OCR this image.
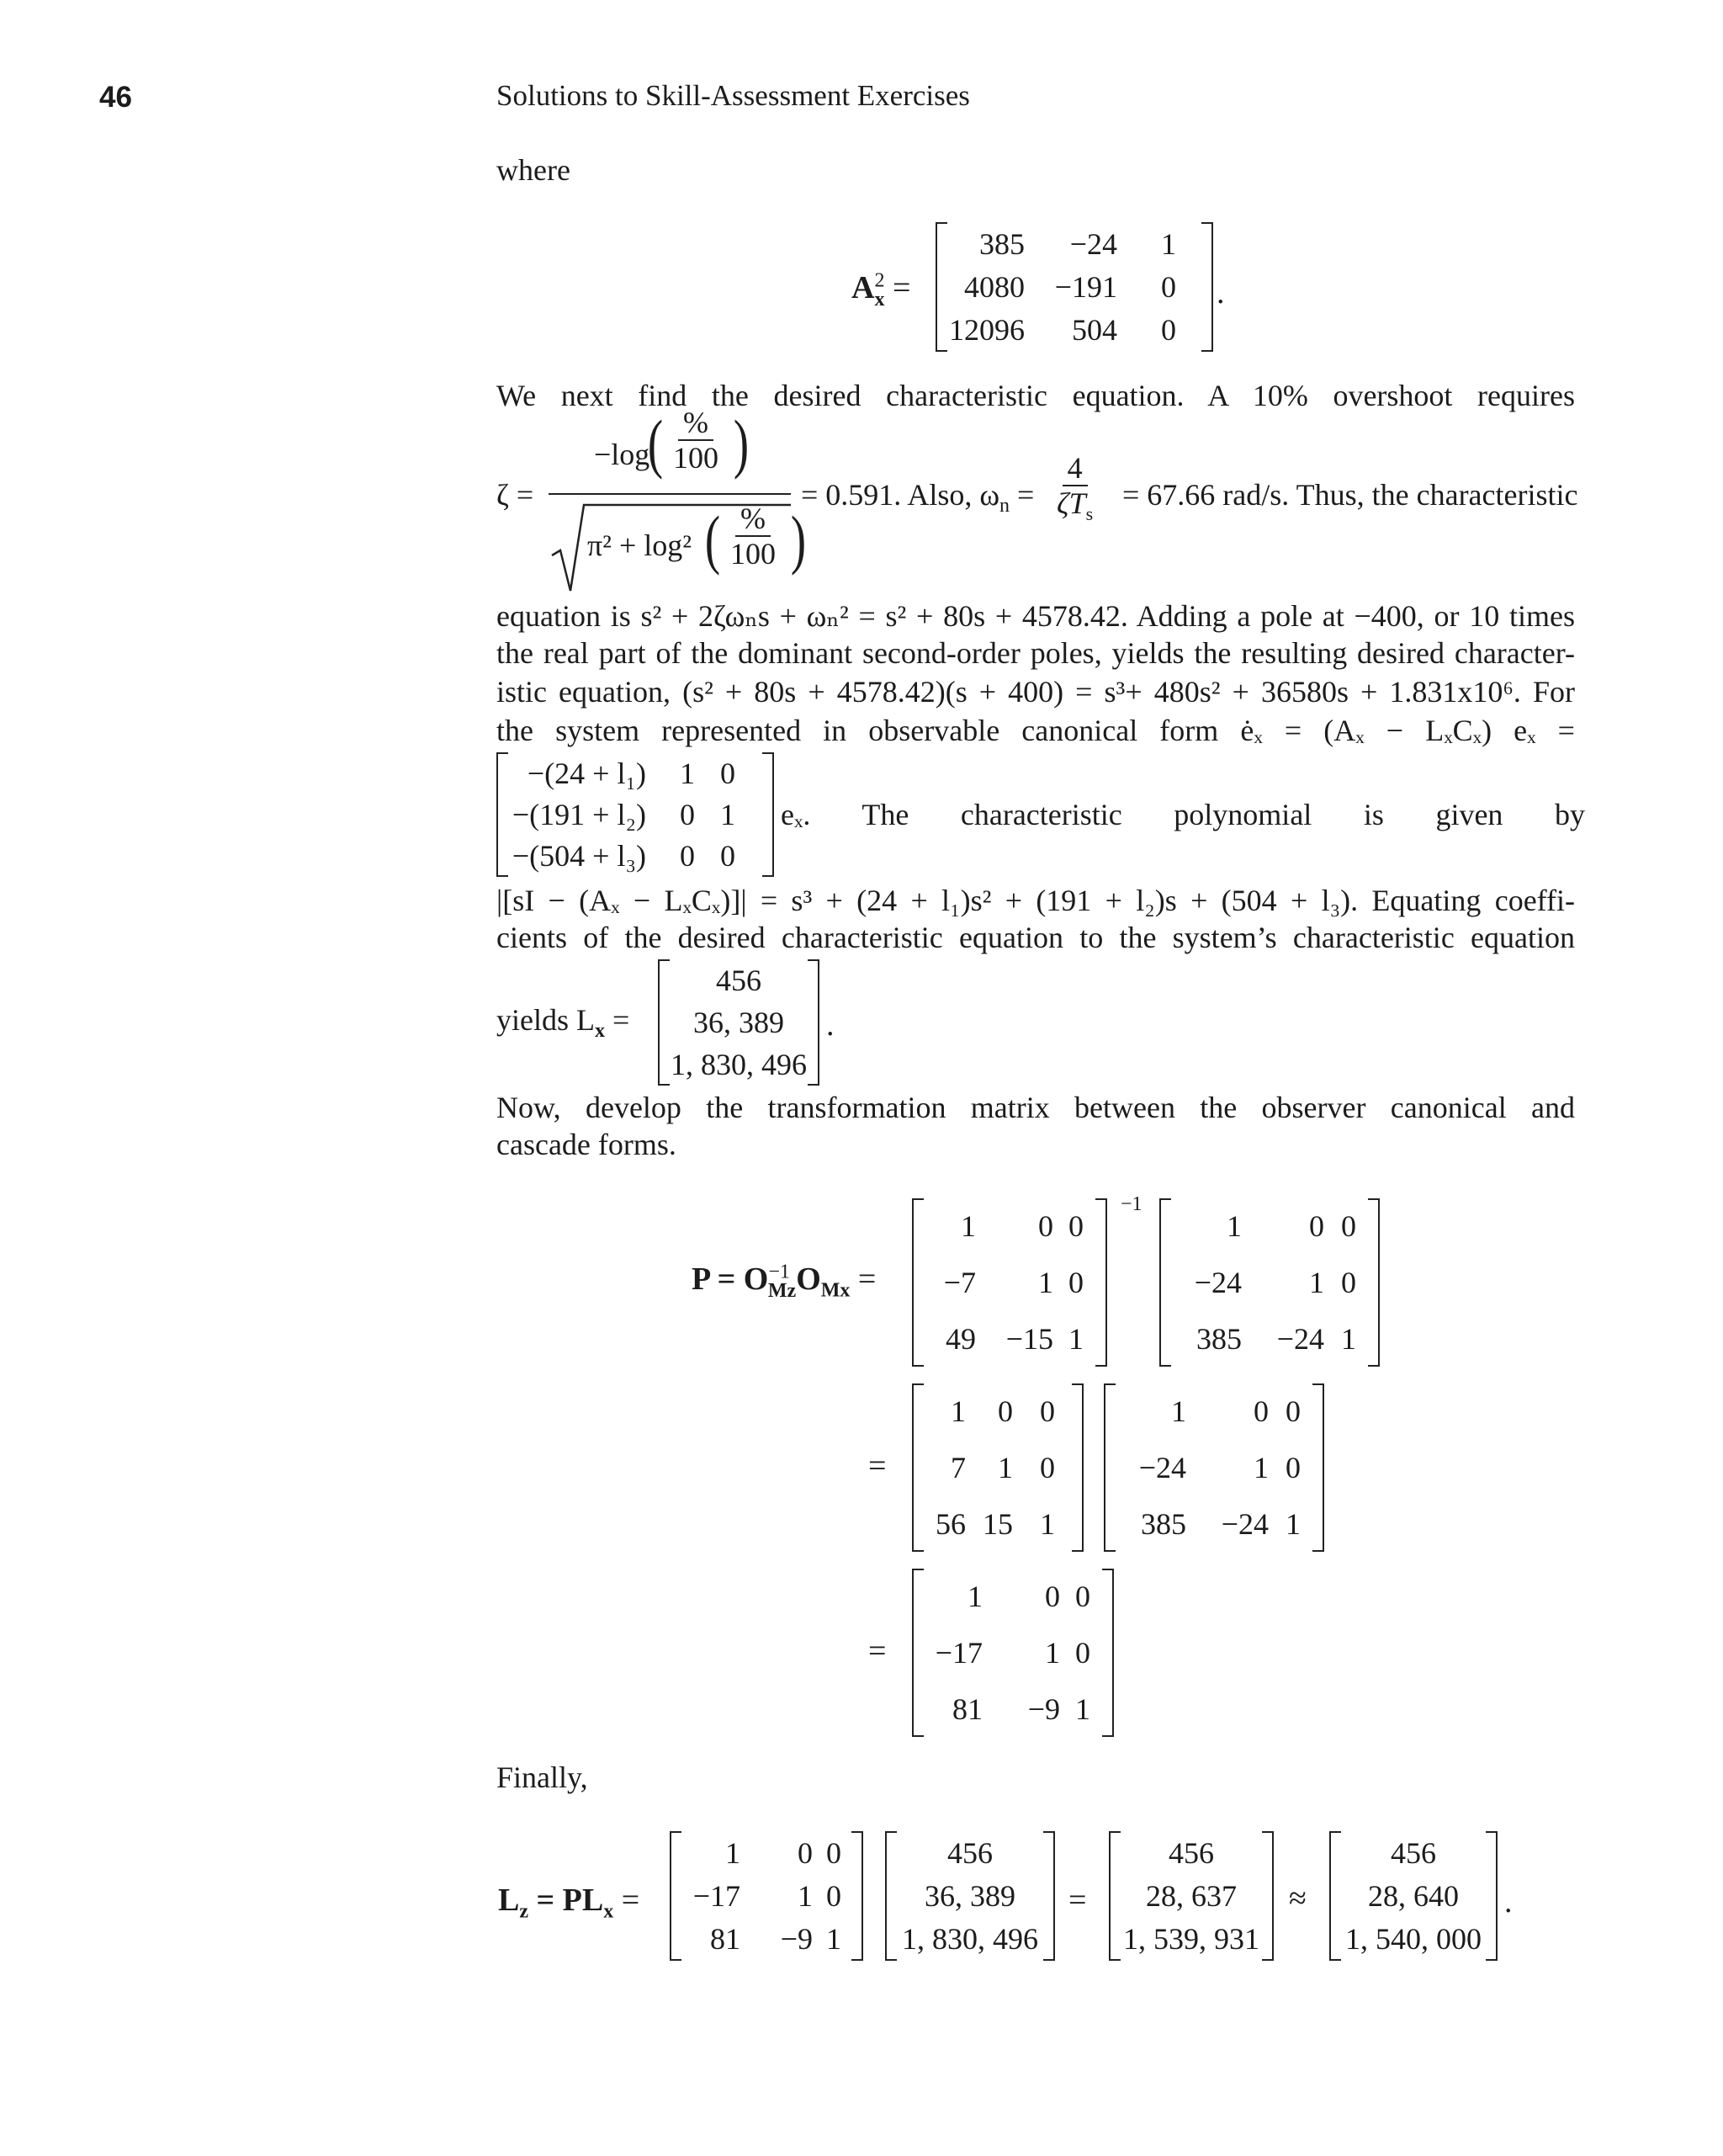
46	Solutions to Skill-Assessment Exercises
where
$A^2_x$ =
385	−24	1
4080 −191	0
12096	504	0
.
We next find the desired characteristic equation. A 10% overshoot requires
ζ =
−log
( $\frac{\%}{100}$ )
π² + log² ( $\frac{\%}{100}$ )
= 0.591. Also, $\omega_n = \frac{4}{\zeta T_s} = 67.66$ rad/s. Thus, the characteristic
equation is s² + 2ζωₙs + ωₙ² = s² + 80s + 4578.42. Adding a pole at −400, or 10 times
the real part of the dominant second-order poles, yields the resulting desired character-
istic equation, (s² + 80s + 4578.42)(s + 400) = s³+ 480s² + 36580s + 1.831x10⁶. For
the system represented in observable canonical form ėₓ = (Aₓ − LₓCₓ) eₓ =
−(24 + l₁)	1 0
−(191 + l₂)	0 1
−(504 + l₃)	0 0
eₓ. The characteristic polynomial is given by
|[sI − (Aₓ − LₓCₓ)]| = s³ + (24 + l₁)s² + (191 + l₂)s + (504 + l₃). Equating coeffi-
cients of the desired characteristic equation to the system’s characteristic equation
yields $L_x$ =
456
36, 389
1, 830, 496
.
Now, develop the transformation matrix between the observer canonical and
cascade forms.
$P = O^{-1}_{Mz}O_{Mx}$ =
1	0 0
−7	1 0
49 −15 1
−1
1	0 0
−24	1 0
385	−24 1
=
1	0 0
7	1 0
56 15 1
1	0 0
−24	1 0
385	−24 1
=
1	0 0
−17	1 0
81	−9 1
Finally,
$L_z = PL_x$ =
1	0 0
−17	1 0
81	−9 1
456
36, 389
1, 830, 496
=
456
28, 637
1, 539, 931
≈
456
28, 640
1, 540, 000
.
